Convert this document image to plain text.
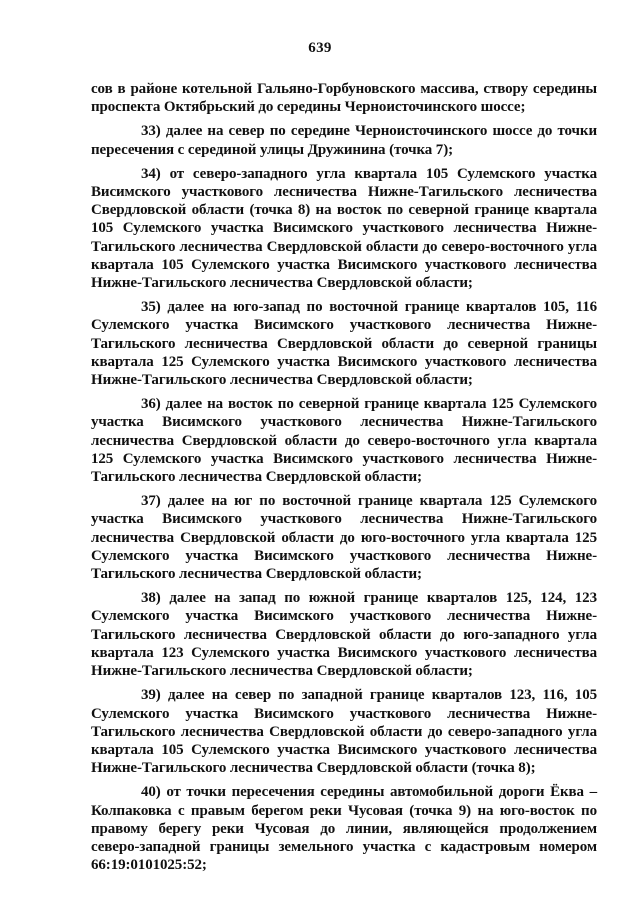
639

сов в районе котельной Гальяно-Горбуновского массива, створу середины проспекта Октябрьский до середины Черноисточинского шоссе;

33) далее на север по середине Черноисточинского шоссе до точки пересечения с серединой улицы Дружинина (точка 7);

34) от северо-западного угла квартала 105 Сулемского участка Висимского участкового лесничества Нижне-Тагильского лесничества Свердловской области (точка 8) на восток по северной границе квартала 105 Сулемского участка Висимского участкового лесничества Нижне-Тагильского лесничества Свердловской области до северо-восточного угла квартала 105 Сулемского участка Висимского участкового лесничества Нижне-Тагильского лесничества Свердловской области;

35) далее на юго-запад по восточной границе кварталов 105, 116 Сулемского участка Висимского участкового лесничества Нижне-Тагильского лесничества Свердловской области до северной границы квартала 125 Сулемского участка Висимского участкового лесничества Нижне-Тагильского лесничества Свердловской области;

36) далее на восток по северной границе квартала 125 Сулемского участка Висимского участкового лесничества Нижне-Тагильского лесничества Свердловской области до северо-восточного угла квартала 125 Сулемского участка Висимского участкового лесничества Нижне-Тагильского лесничества Свердловской области;

37) далее на юг по восточной границе квартала 125 Сулемского участка Висимского участкового лесничества Нижне-Тагильского лесничества Свердловской области до юго-восточного угла квартала 125 Сулемского участка Висимского участкового лесничества Нижне-Тагильского лесничества Свердловской области;

38) далее на запад по южной границе кварталов 125, 124, 123 Сулемского участка Висимского участкового лесничества Нижне-Тагильского лесничества Свердловской области до юго-западного угла квартала 123 Сулемского участка Висимского участкового лесничества Нижне-Тагильского лесничества Свердловской области;

39) далее на север по западной границе кварталов 123, 116, 105 Сулемского участка Висимского участкового лесничества Нижне-Тагильского лесничества Свердловской области до северо-западного угла квартала 105 Сулемского участка Висимского участкового лесничества Нижне-Тагильского лесничества Свердловской области (точка 8);

40) от точки пересечения середины автомобильной дороги Ёква – Колпаковка с правым берегом реки Чусовая (точка 9) на юго-восток по правому берегу реки Чусовая до линии, являющейся продолжением северо-западной границы земельного участка с кадастровым номером 66:19:0101025:52;
